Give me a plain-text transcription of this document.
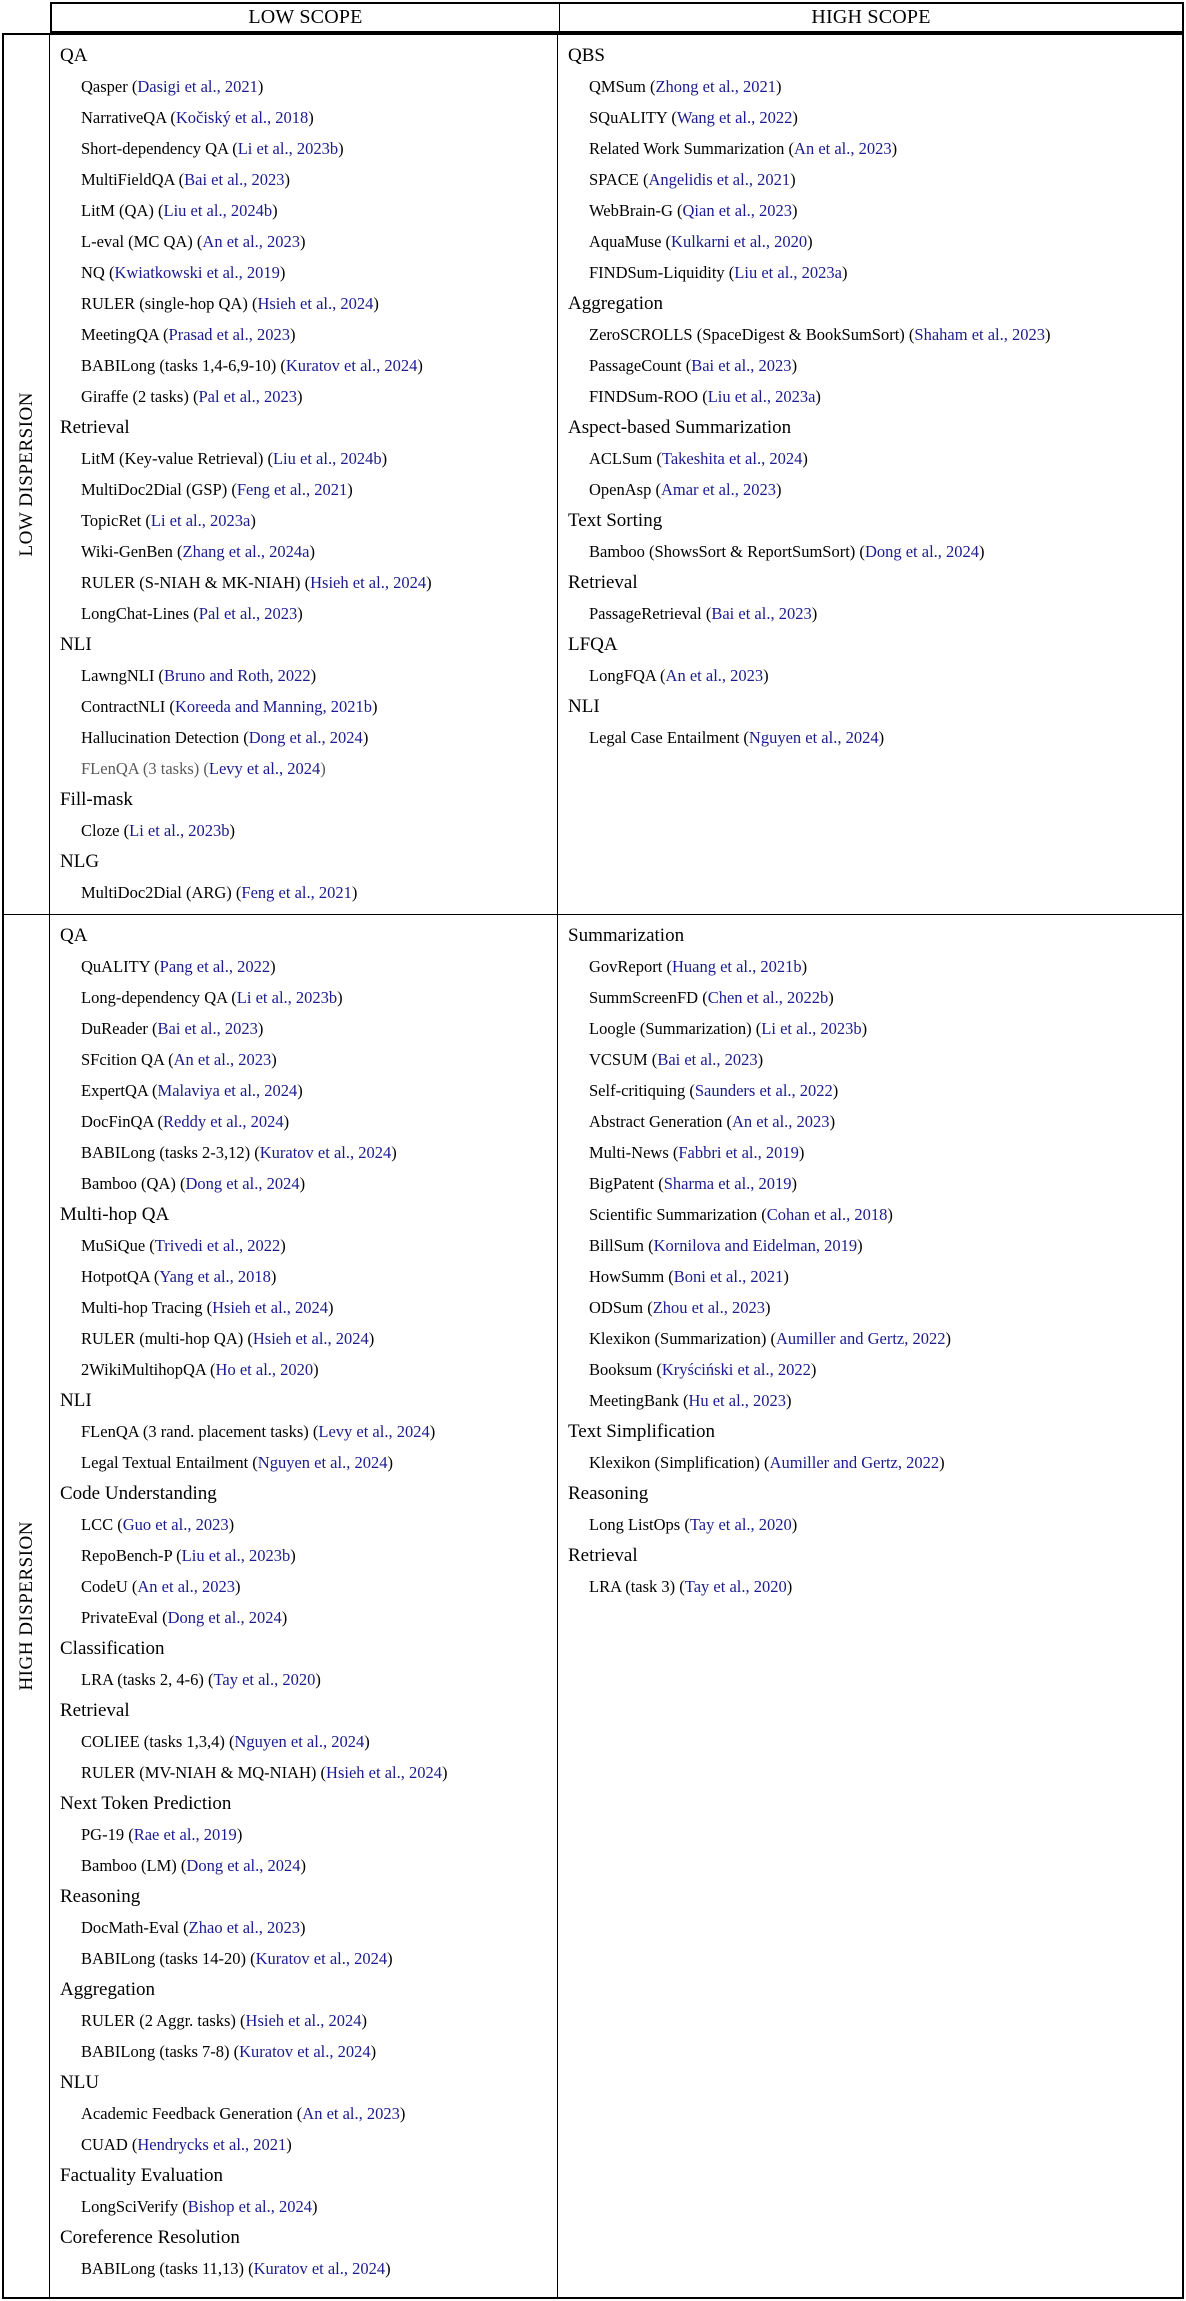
LOW SCOPE	HIGH SCOPE
LOW DISPERSION
QA
Qasper (Dasigi et al., 2021)
NarrativeQA (Kočiský et al., 2018)
Short-dependency QA (Li et al., 2023b)
MultiFieldQA (Bai et al., 2023)
LitM (QA) (Liu et al., 2024b)
L-eval (MC QA) (An et al., 2023)
NQ (Kwiatkowski et al., 2019)
RULER (single-hop QA) (Hsieh et al., 2024)
MeetingQA (Prasad et al., 2023)
BABILong (tasks 1,4-6,9-10) (Kuratov et al., 2024)
Giraffe (2 tasks) (Pal et al., 2023)
Retrieval
LitM (Key-value Retrieval) (Liu et al., 2024b)
MultiDoc2Dial (GSP) (Feng et al., 2021)
TopicRet (Li et al., 2023a)
Wiki-GenBen (Zhang et al., 2024a)
RULER (S-NIAH & MK-NIAH) (Hsieh et al., 2024)
LongChat-Lines (Pal et al., 2023)
NLI
LawngNLI (Bruno and Roth, 2022)
ContractNLI (Koreeda and Manning, 2021b)
Hallucination Detection (Dong et al., 2024)
FLenQA (3 tasks) (Levy et al., 2024)
Fill-mask
Cloze (Li et al., 2023b)
NLG
MultiDoc2Dial (ARG) (Feng et al., 2021)
QBS
QMSum (Zhong et al., 2021)
SQuALITY (Wang et al., 2022)
Related Work Summarization (An et al., 2023)
SPACE (Angelidis et al., 2021)
WebBrain-G (Qian et al., 2023)
AquaMuse (Kulkarni et al., 2020)
FINDSum-Liquidity (Liu et al., 2023a)
Aggregation
ZeroSCROLLS (SpaceDigest & BookSumSort) (Shaham et al., 2023)
PassageCount (Bai et al., 2023)
FINDSum-ROO (Liu et al., 2023a)
Aspect-based Summarization
ACLSum (Takeshita et al., 2024)
OpenAsp (Amar et al., 2023)
Text Sorting
Bamboo (ShowsSort & ReportSumSort) (Dong et al., 2024)
Retrieval
PassageRetrieval (Bai et al., 2023)
LFQA
LongFQA (An et al., 2023)
NLI
Legal Case Entailment (Nguyen et al., 2024)
HIGH DISPERSION
QA
QuALITY (Pang et al., 2022)
Long-dependency QA (Li et al., 2023b)
DuReader (Bai et al., 2023)
SFcition QA (An et al., 2023)
ExpertQA (Malaviya et al., 2024)
DocFinQA (Reddy et al., 2024)
BABILong (tasks 2-3,12) (Kuratov et al., 2024)
Bamboo (QA) (Dong et al., 2024)
Multi-hop QA
MuSiQue (Trivedi et al., 2022)
HotpotQA (Yang et al., 2018)
Multi-hop Tracing (Hsieh et al., 2024)
RULER (multi-hop QA) (Hsieh et al., 2024)
2WikiMultihopQA (Ho et al., 2020)
NLI
FLenQA (3 rand. placement tasks) (Levy et al., 2024)
Legal Textual Entailment (Nguyen et al., 2024)
Code Understanding
LCC (Guo et al., 2023)
RepoBench-P (Liu et al., 2023b)
CodeU (An et al., 2023)
PrivateEval (Dong et al., 2024)
Classification
LRA (tasks 2, 4-6) (Tay et al., 2020)
Retrieval
COLIEE (tasks 1,3,4) (Nguyen et al., 2024)
RULER (MV-NIAH & MQ-NIAH) (Hsieh et al., 2024)
Next Token Prediction
PG-19 (Rae et al., 2019)
Bamboo (LM) (Dong et al., 2024)
Reasoning
DocMath-Eval (Zhao et al., 2023)
BABILong (tasks 14-20) (Kuratov et al., 2024)
Aggregation
RULER (2 Aggr. tasks) (Hsieh et al., 2024)
BABILong (tasks 7-8) (Kuratov et al., 2024)
NLU
Academic Feedback Generation (An et al., 2023)
CUAD (Hendrycks et al., 2021)
Factuality Evaluation
LongSciVerify (Bishop et al., 2024)
Coreference Resolution
BABILong (tasks 11,13) (Kuratov et al., 2024)
Summarization
GovReport (Huang et al., 2021b)
SummScreenFD (Chen et al., 2022b)
Loogle (Summarization) (Li et al., 2023b)
VCSUM (Bai et al., 2023)
Self-critiquing (Saunders et al., 2022)
Abstract Generation (An et al., 2023)
Multi-News (Fabbri et al., 2019)
BigPatent (Sharma et al., 2019)
Scientific Summarization (Cohan et al., 2018)
BillSum (Kornilova and Eidelman, 2019)
HowSumm (Boni et al., 2021)
ODSum (Zhou et al., 2023)
Klexikon (Summarization) (Aumiller and Gertz, 2022)
Booksum (Kryściński et al., 2022)
MeetingBank (Hu et al., 2023)
Text Simplification
Klexikon (Simplification) (Aumiller and Gertz, 2022)
Reasoning
Long ListOps (Tay et al., 2020)
Retrieval
LRA (task 3) (Tay et al., 2020)
